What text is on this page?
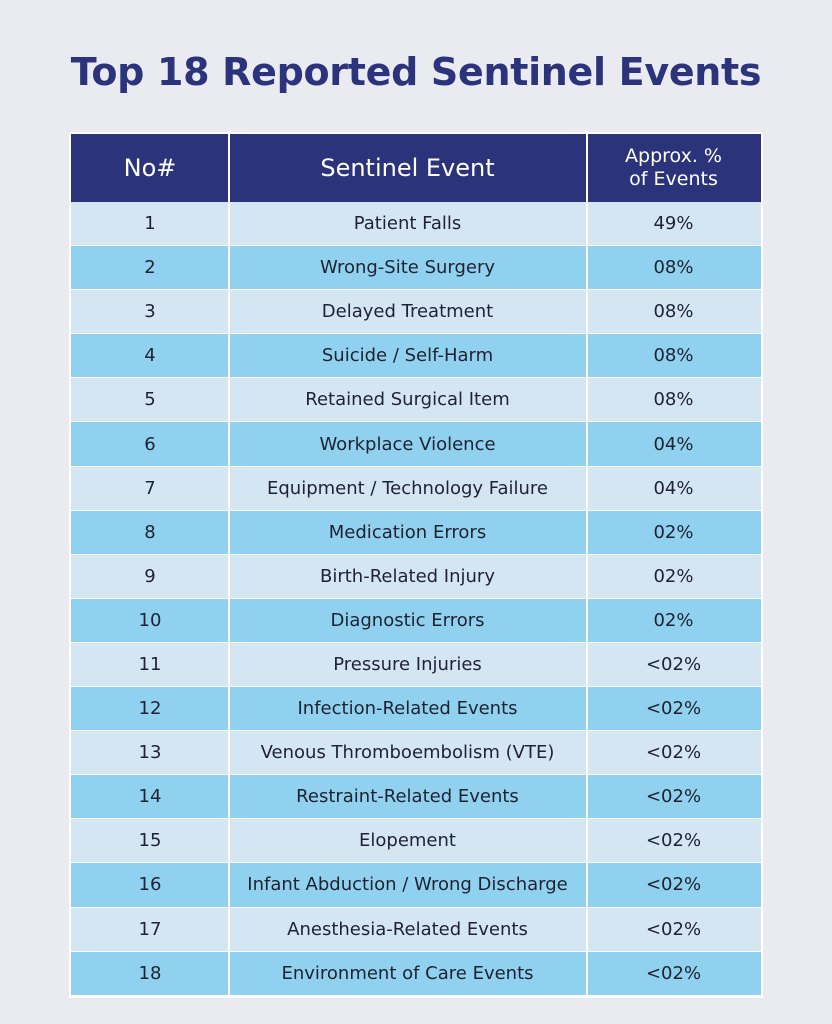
Top 18 Reported Sentinel Events
No#	Sentinel Event	Approx. %
of Events
1	Patient Falls	49%
2	Wrong-Site Surgery	08%
3	Delayed Treatment	08%
4	Suicide / Self-Harm	08%
5	Retained Surgical Item	08%
6	Workplace Violence	04%
7	Equipment / Technology Failure	04%
8	Medication Errors	02%
9	Birth-Related Injury	02%
10	Diagnostic Errors	02%
11	Pressure Injuries	<02%
12	Infection-Related Events	<02%
13	Venous Thromboembolism (VTE)	<02%
14	Restraint-Related Events	<02%
15	Elopement	<02%
16	Infant Abduction / Wrong Discharge	<02%
17	Anesthesia-Related Events	<02%
18	Environment of Care Events	<02%
